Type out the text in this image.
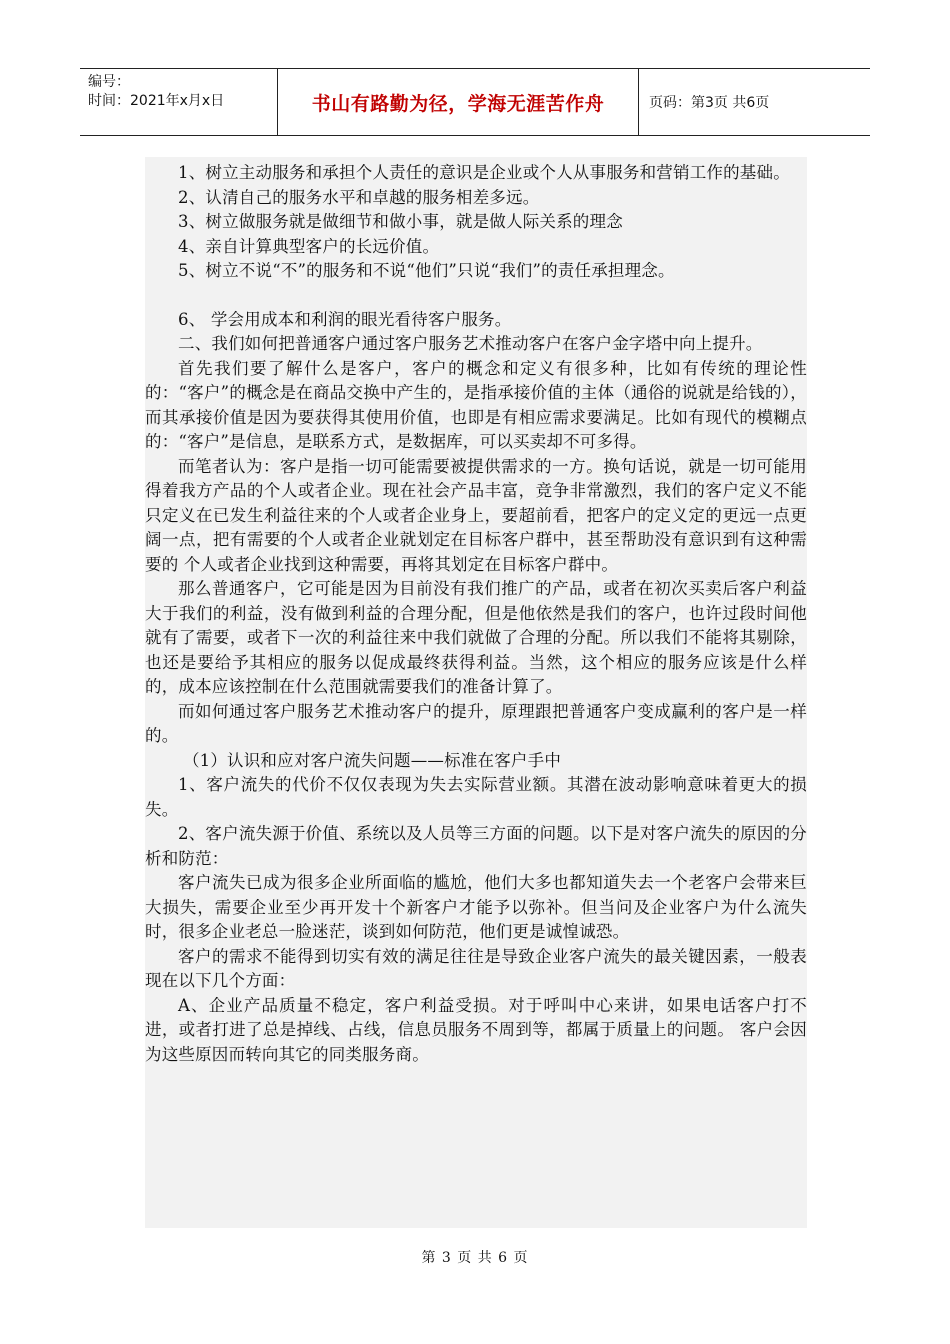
编号：
时间：2021年x月x日	书山有路勤为径，学海无涯苦作舟	页码：第3页 共6页

1、树立主动服务和承担个人责任的意识是企业或个人从事服务和营销工作的基础。

2、认清自己的服务水平和卓越的服务相差多远。

3、树立做服务就是做细节和做小事，就是做人际关系的理念

4、亲自计算典型客户的长远价值。

5、树立不说“不”的服务和不说“他们”只说“我们”的责任承担理念。

6、 学会用成本和利润的眼光看待客户服务。

二、我们如何把普通客户通过客户服务艺术推动客户在客户金字塔中向上提升。

首先我们要了解什么是客户，客户的概念和定义有很多种，比如有传统的理论性的：“客户”的概念是在商品交换中产生的，是指承接价值的主体（通俗的说就是给钱的），而其承接价值是因为要获得其使用价值，也即是有相应需求要满足。比如有现代的模糊点的：“客户”是信息，是联系方式，是数据库，可以买卖却不可多得。

而笔者认为：客户是指一切可能需要被提供需求的一方。换句话说，就是一切可能用得着我方产品的个人或者企业。现在社会产品丰富，竞争非常激烈，我们的客户定义不能只定义在已发生利益往来的个人或者企业身上，要超前看，把客户的定义定的更远一点更阔一点，把有需要的个人或者企业就划定在目标客户群中，甚至帮助没有意识到有这种需要的 个人或者企业找到这种需要，再将其划定在目标客户群中。

那么普通客户，它可能是因为目前没有我们推广的产品，或者在初次买卖后客户利益大于我们的利益，没有做到利益的合理分配，但是他依然是我们的客户，也许过段时间他就有了需要，或者下一次的利益往来中我们就做了合理的分配。所以我们不能将其剔除，也还是要给予其相应的服务以促成最终获得利益。当然，这个相应的服务应该是什么样的，成本应该控制在什么范围就需要我们的准备计算了。

而如何通过客户服务艺术推动客户的提升，原理跟把普通客户变成赢利的客户是一样的。

（1）认识和应对客户流失问题——标准在客户手中

1、客户流失的代价不仅仅表现为失去实际营业额。其潜在波动影响意味着更大的损失。

2、客户流失源于价值、系统以及人员等三方面的问题。以下是对客户流失的原因的分析和防范：

客户流失已成为很多企业所面临的尴尬，他们大多也都知道失去一个老客户会带来巨大损失，需要企业至少再开发十个新客户才能予以弥补。但当问及企业客户为什么流失时，很多企业老总一脸迷茫，谈到如何防范，他们更是诚惶诚恐。

客户的需求不能得到切实有效的满足往往是导致企业客户流失的最关键因素，一般表现在以下几个方面：

A、企业产品质量不稳定，客户利益受损。对于呼叫中心来讲，如果电话客户打不进，或者打进了总是掉线、占线，信息员服务不周到等，都属于质量上的问题。 客户会因为这些原因而转向其它的同类服务商。

第 3 页 共 6 页
